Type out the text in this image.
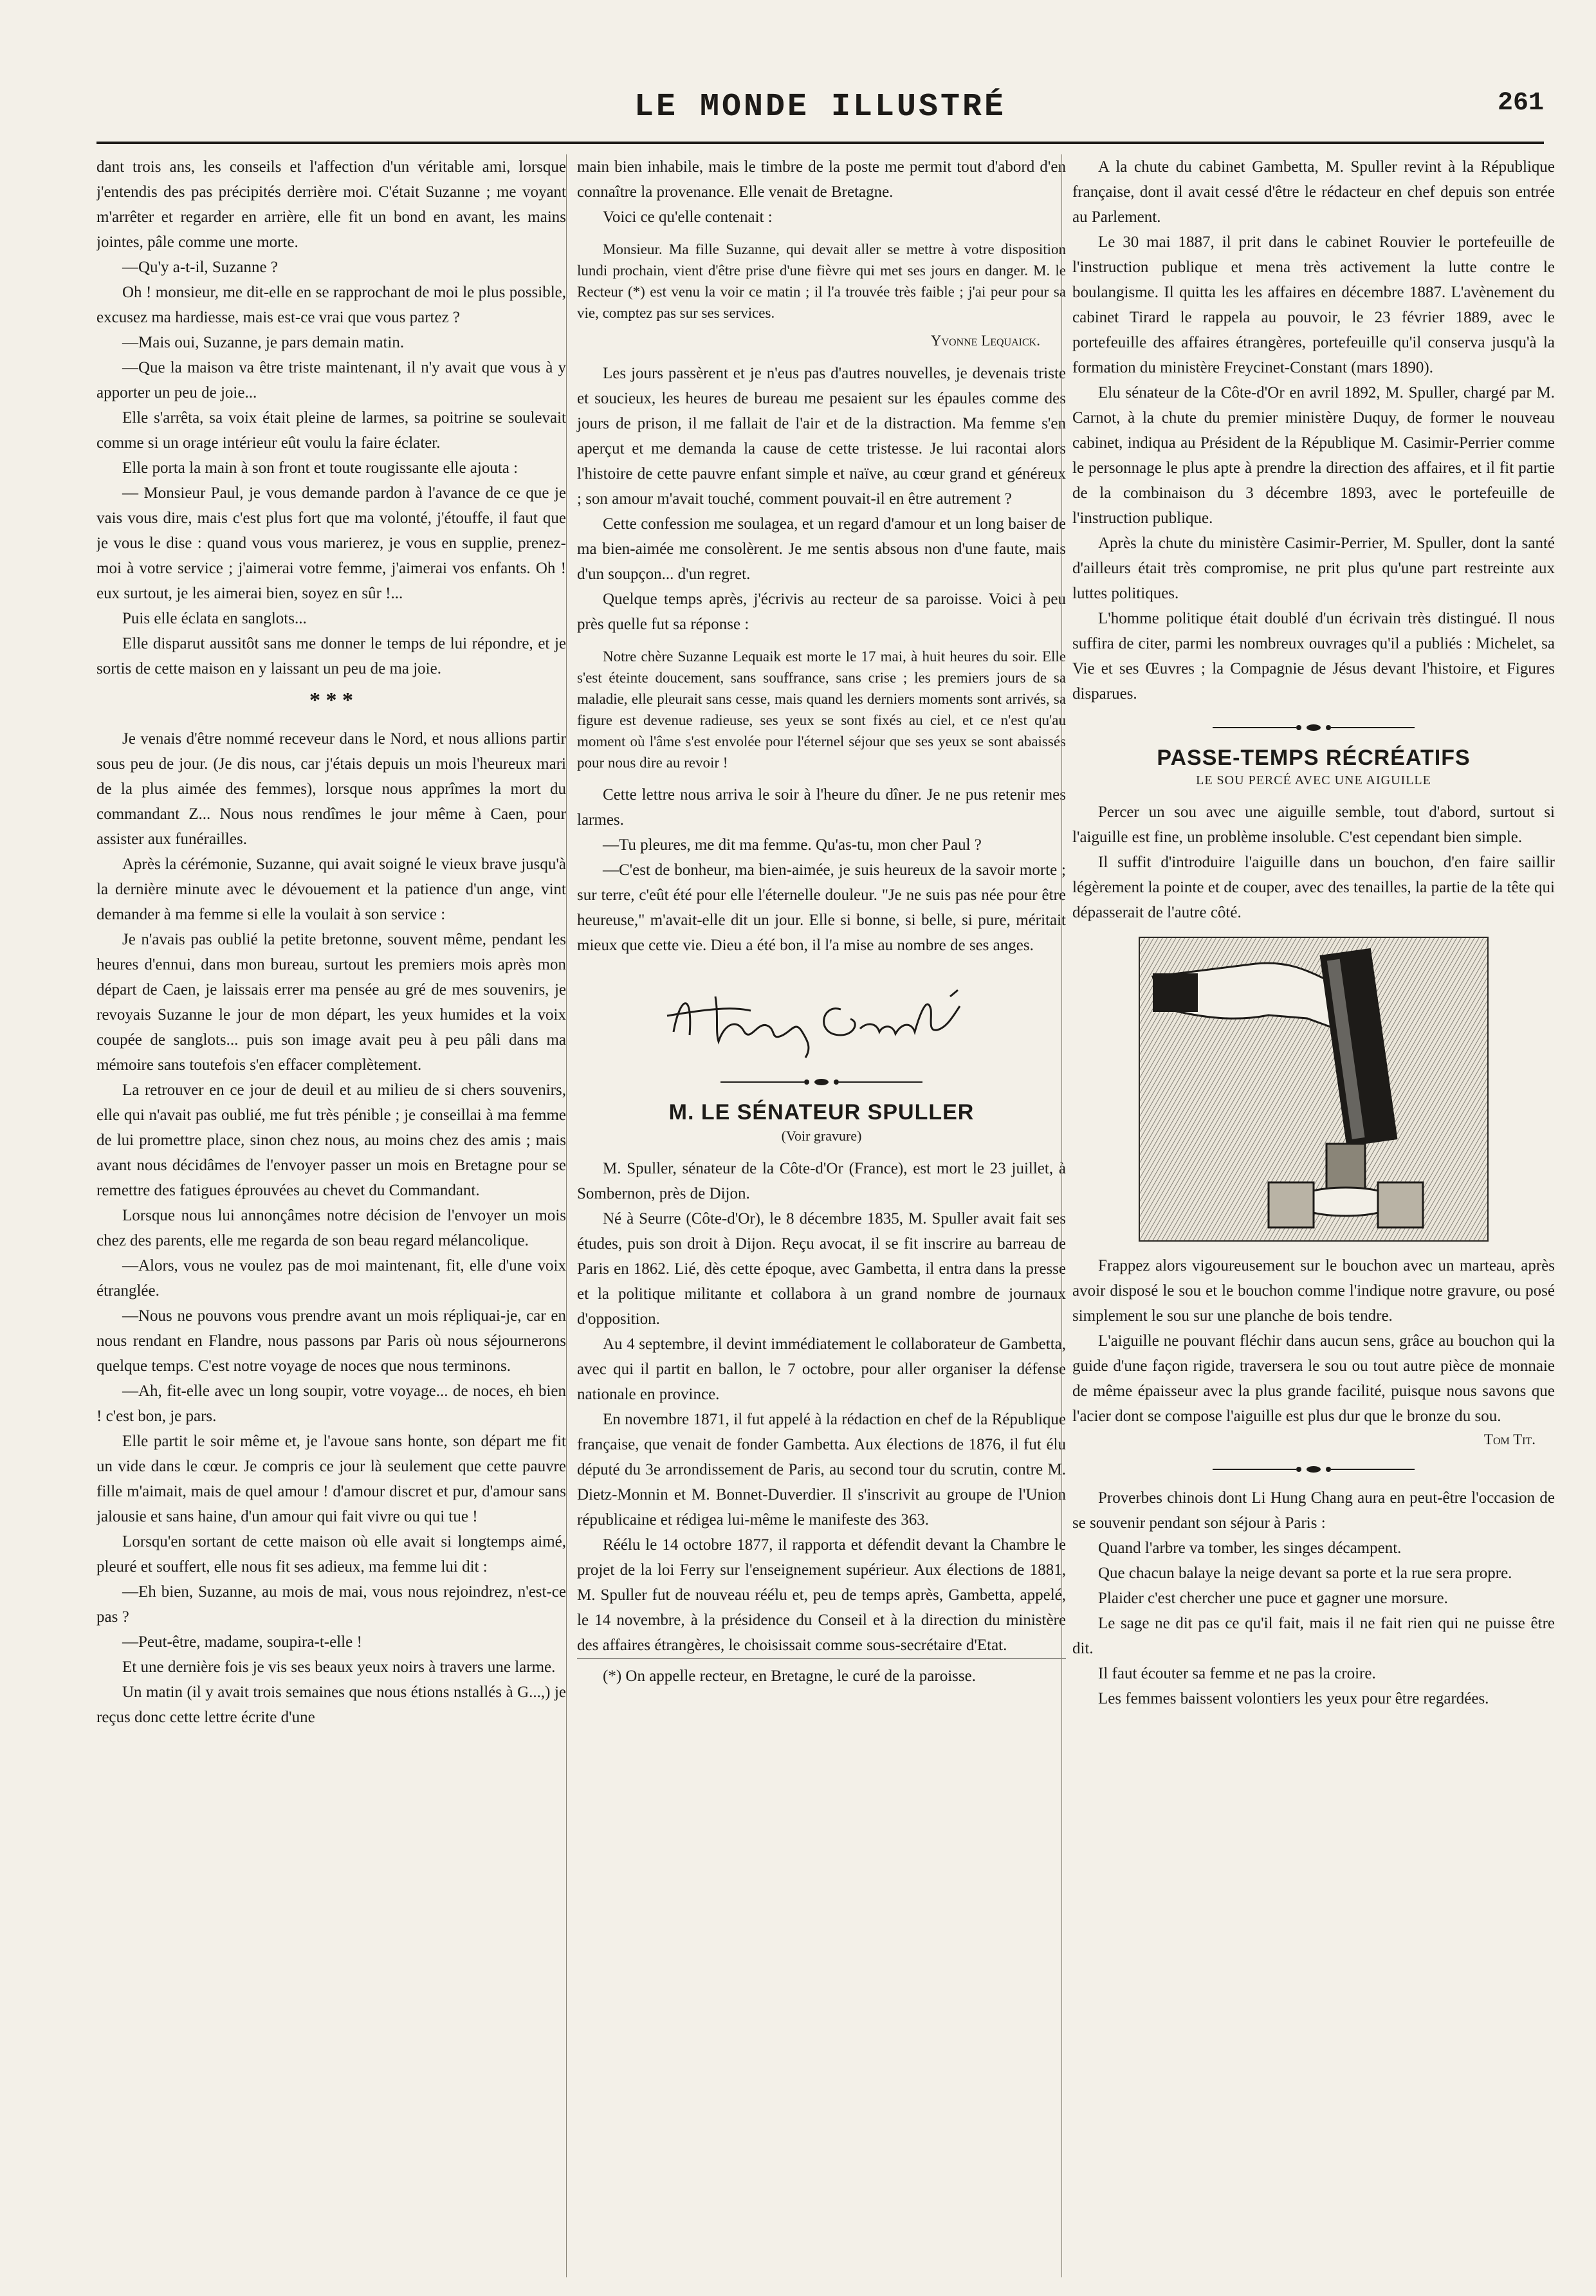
LE MONDE ILLUSTRÉ	261

dant trois ans, les conseils et l'affection d'un véritable ami, lorsque j'entendis des pas précipités derrière moi. C'était Suzanne ; me voyant m'arrêter et regarder en arrière, elle fit un bond en avant, les mains jointes, pâle comme une morte.

—Qu'y a-t-il, Suzanne ?

Oh ! monsieur, me dit-elle en se rapprochant de moi le plus possible, excusez ma hardiesse, mais est-ce vrai que vous partez ?

—Mais oui, Suzanne, je pars demain matin.

—Que la maison va être triste maintenant, il n'y avait que vous à y apporter un peu de joie...

Elle s'arrêta, sa voix était pleine de larmes, sa poitrine se soulevait comme si un orage intérieur eût voulu la faire éclater.

Elle porta la main à son front et toute rougissante elle ajouta :

— Monsieur Paul, je vous demande pardon à l'avance de ce que je vais vous dire, mais c'est plus fort que ma volonté, j'étouffe, il faut que je vous le dise : quand vous vous marierez, je vous en supplie, prenez-moi à votre service ; j'aimerai votre femme, j'aimerai vos enfants. Oh ! eux surtout, je les aimerai bien, soyez en sûr !...

Puis elle éclata en sanglots...

Elle disparut aussitôt sans me donner le temps de lui répondre, et je sortis de cette maison en y laissant un peu de ma joie.

* * *

Je venais d'être nommé receveur dans le Nord, et nous allions partir sous peu de jour. (Je dis nous, car j'étais depuis un mois l'heureux mari de la plus aimée des femmes), lorsque nous apprîmes la mort du commandant Z... Nous nous rendîmes le jour même à Caen, pour assister aux funérailles.

Après la cérémonie, Suzanne, qui avait soigné le vieux brave jusqu'à la dernière minute avec le dévouement et la patience d'un ange, vint demander à ma femme si elle la voulait à son service :

Je n'avais pas oublié la petite bretonne, souvent même, pendant les heures d'ennui, dans mon bureau, surtout les premiers mois après mon départ de Caen, je laissais errer ma pensée au gré de mes souvenirs, je revoyais Suzanne le jour de mon départ, les yeux humides et la voix coupée de sanglots... puis son image avait peu à peu pâli dans ma mémoire sans toutefois s'en effacer complètement.

La retrouver en ce jour de deuil et au milieu de si chers souvenirs, elle qui n'avait pas oublié, me fut très pénible ; je conseillai à ma femme de lui promettre place, sinon chez nous, au moins chez des amis ; mais avant nous décidâmes de l'envoyer passer un mois en Bretagne pour se remettre des fatigues éprouvées au chevet du Commandant.

Lorsque nous lui annonçâmes notre décision de l'envoyer un mois chez des parents, elle me regarda de son beau regard mélancolique.

—Alors, vous ne voulez pas de moi maintenant, fit, elle d'une voix étranglée.

—Nous ne pouvons vous prendre avant un mois répliquai-je, car en nous rendant en Flandre, nous passons par Paris où nous séjournerons quelque temps. C'est notre voyage de noces que nous terminons.

—Ah, fit-elle avec un long soupir, votre voyage... de noces, eh bien ! c'est bon, je pars.

Elle partit le soir même et, je l'avoue sans honte, son départ me fit un vide dans le cœur. Je compris ce jour là seulement que cette pauvre fille m'aimait, mais de quel amour ! d'amour discret et pur, d'amour sans jalousie et sans haine, d'un amour qui fait vivre ou qui tue !

Lorsqu'en sortant de cette maison où elle avait si longtemps aimé, pleuré et souffert, elle nous fit ses adieux, ma femme lui dit :

—Eh bien, Suzanne, au mois de mai, vous nous rejoindrez, n'est-ce pas ?

—Peut-être, madame, soupira-t-elle !

Et une dernière fois je vis ses beaux yeux noirs à travers une larme.

Un matin (il y avait trois semaines que nous étions nstallés à G...,) je reçus donc cette lettre écrite d'une

main bien inhabile, mais le timbre de la poste me permit tout d'abord d'en connaître la provenance. Elle venait de Bretagne.

Voici ce qu'elle contenait :

Monsieur. Ma fille Suzanne, qui devait aller se mettre à votre disposition lundi prochain, vient d'être prise d'une fièvre qui met ses jours en danger. M. le Recteur (*) est venu la voir ce matin ; il l'a trouvée très faible ; j'ai peur pour sa vie, comptez pas sur ses services.

Yvonne Lequaick.

Les jours passèrent et je n'eus pas d'autres nouvelles, je devenais triste et soucieux, les heures de bureau me pesaient sur les épaules comme des jours de prison, il me fallait de l'air et de la distraction. Ma femme s'en aperçut et me demanda la cause de cette tristesse. Je lui racontai alors l'histoire de cette pauvre enfant simple et naïve, au cœur grand et généreux ; son amour m'avait touché, comment pouvait-il en être autrement ?

Cette confession me soulagea, et un regard d'amour et un long baiser de ma bien-aimée me consolèrent. Je me sentis absous non d'une faute, mais d'un soupçon... d'un regret.

Quelque temps après, j'écrivis au recteur de sa paroisse. Voici à peu près quelle fut sa réponse :

Notre chère Suzanne Lequaik est morte le 17 mai, à huit heures du soir. Elle s'est éteinte doucement, sans souffrance, sans crise ; les premiers jours de sa maladie, elle pleurait sans cesse, mais quand les derniers moments sont arrivés, sa figure est devenue radieuse, ses yeux se sont fixés au ciel, et ce n'est qu'au moment où l'âme s'est envolée pour l'éternel séjour que ses yeux se sont abaissés pour nous dire au revoir !

Cette lettre nous arriva le soir à l'heure du dîner. Je ne pus retenir mes larmes.

—Tu pleures, me dit ma femme. Qu'as-tu, mon cher Paul ?

—C'est de bonheur, ma bien-aimée, je suis heureux de la savoir morte ; sur terre, c'eût été pour elle l'éternelle douleur. "Je ne suis pas née pour être heureuse," m'avait-elle dit un jour. Elle si bonne, si belle, si pure, méritait mieux que cette vie. Dieu a été bon, il l'a mise au nombre de ses anges.

M. LE SÉNATEUR SPULLER
(Voir gravure)

M. Spuller, sénateur de la Côte-d'Or (France), est mort le 23 juillet, à Sombernon, près de Dijon.

Né à Seurre (Côte-d'Or), le 8 décembre 1835, M. Spuller avait fait ses études, puis son droit à Dijon. Reçu avocat, il se fit inscrire au barreau de Paris en 1862. Lié, dès cette époque, avec Gambetta, il entra dans la presse et la politique militante et collabora à un grand nombre de journaux d'opposition.

Au 4 septembre, il devint immédiatement le collaborateur de Gambetta, avec qui il partit en ballon, le 7 octobre, pour aller organiser la défense nationale en province.

En novembre 1871, il fut appelé à la rédaction en chef de la République française, que venait de fonder Gambetta. Aux élections de 1876, il fut élu député du 3e arrondissement de Paris, au second tour du scrutin, contre M. Dietz-Monnin et M. Bonnet-Duverdier. Il s'inscrivit au groupe de l'Union républicaine et rédigea lui-même le manifeste des 363.

Réélu le 14 octobre 1877, il rapporta et défendit devant la Chambre le projet de la loi Ferry sur l'enseignement supérieur. Aux élections de 1881, M. Spuller fut de nouveau réélu et, peu de temps après, Gambetta, appelé, le 14 novembre, à la présidence du Conseil et à la direction du ministère des affaires étrangères, le choisissait comme sous-secrétaire d'Etat.

(*) On appelle recteur, en Bretagne, le curé de la paroisse.

A la chute du cabinet Gambetta, M. Spuller revint à la République française, dont il avait cessé d'être le rédacteur en chef depuis son entrée au Parlement.

Le 30 mai 1887, il prit dans le cabinet Rouvier le portefeuille de l'instruction publique et mena très activement la lutte contre le boulangisme. Il quitta les les affaires en décembre 1887. L'avènement du cabinet Tirard le rappela au pouvoir, le 23 février 1889, avec le portefeuille des affaires étrangères, portefeuille qu'il conserva jusqu'à la formation du ministère Freycinet-Constant (mars 1890).

Elu sénateur de la Côte-d'Or en avril 1892, M. Spuller, chargé par M. Carnot, à la chute du premier ministère Duquy, de former le nouveau cabinet, indiqua au Président de la République M. Casimir-Perrier comme le personnage le plus apte à prendre la direction des affaires, et il fit partie de la combinaison du 3 décembre 1893, avec le portefeuille de l'instruction publique.

Après la chute du ministère Casimir-Perrier, M. Spuller, dont la santé d'ailleurs était très compromise, ne prit plus qu'une part restreinte aux luttes politiques.

L'homme politique était doublé d'un écrivain très distingué. Il nous suffira de citer, parmi les nombreux ouvrages qu'il a publiés : Michelet, sa Vie et ses Œuvres ; la Compagnie de Jésus devant l'histoire, et Figures disparues.

PASSE-TEMPS RÉCRÉATIFS
LE SOU PERCÉ AVEC UNE AIGUILLE

Percer un sou avec une aiguille semble, tout d'abord, surtout si l'aiguille est fine, un problème insoluble. C'est cependant bien simple.

Il suffit d'introduire l'aiguille dans un bouchon, d'en faire saillir légèrement la pointe et de couper, avec des tenailles, la partie de la tête qui dépasserait de l'autre côté.

Frappez alors vigoureusement sur le bouchon avec un marteau, après avoir disposé le sou et le bouchon comme l'indique notre gravure, ou posé simplement le sou sur une planche de bois tendre.

L'aiguille ne pouvant fléchir dans aucun sens, grâce au bouchon qui la guide d'une façon rigide, traversera le sou ou tout autre pièce de monnaie de même épaisseur avec la plus grande facilité, puisque nous savons que l'acier dont se compose l'aiguille est plus dur que le bronze du sou.

Tom Tit.

Proverbes chinois dont Li Hung Chang aura en peut-être l'occasion de se souvenir pendant son séjour à Paris :

Quand l'arbre va tomber, les singes décampent.

Que chacun balaye la neige devant sa porte et la rue sera propre.

Plaider c'est chercher une puce et gagner une morsure.

Le sage ne dit pas ce qu'il fait, mais il ne fait rien qui ne puisse être dit.

Il faut écouter sa femme et ne pas la croire.

Les femmes baissent volontiers les yeux pour être regardées.
